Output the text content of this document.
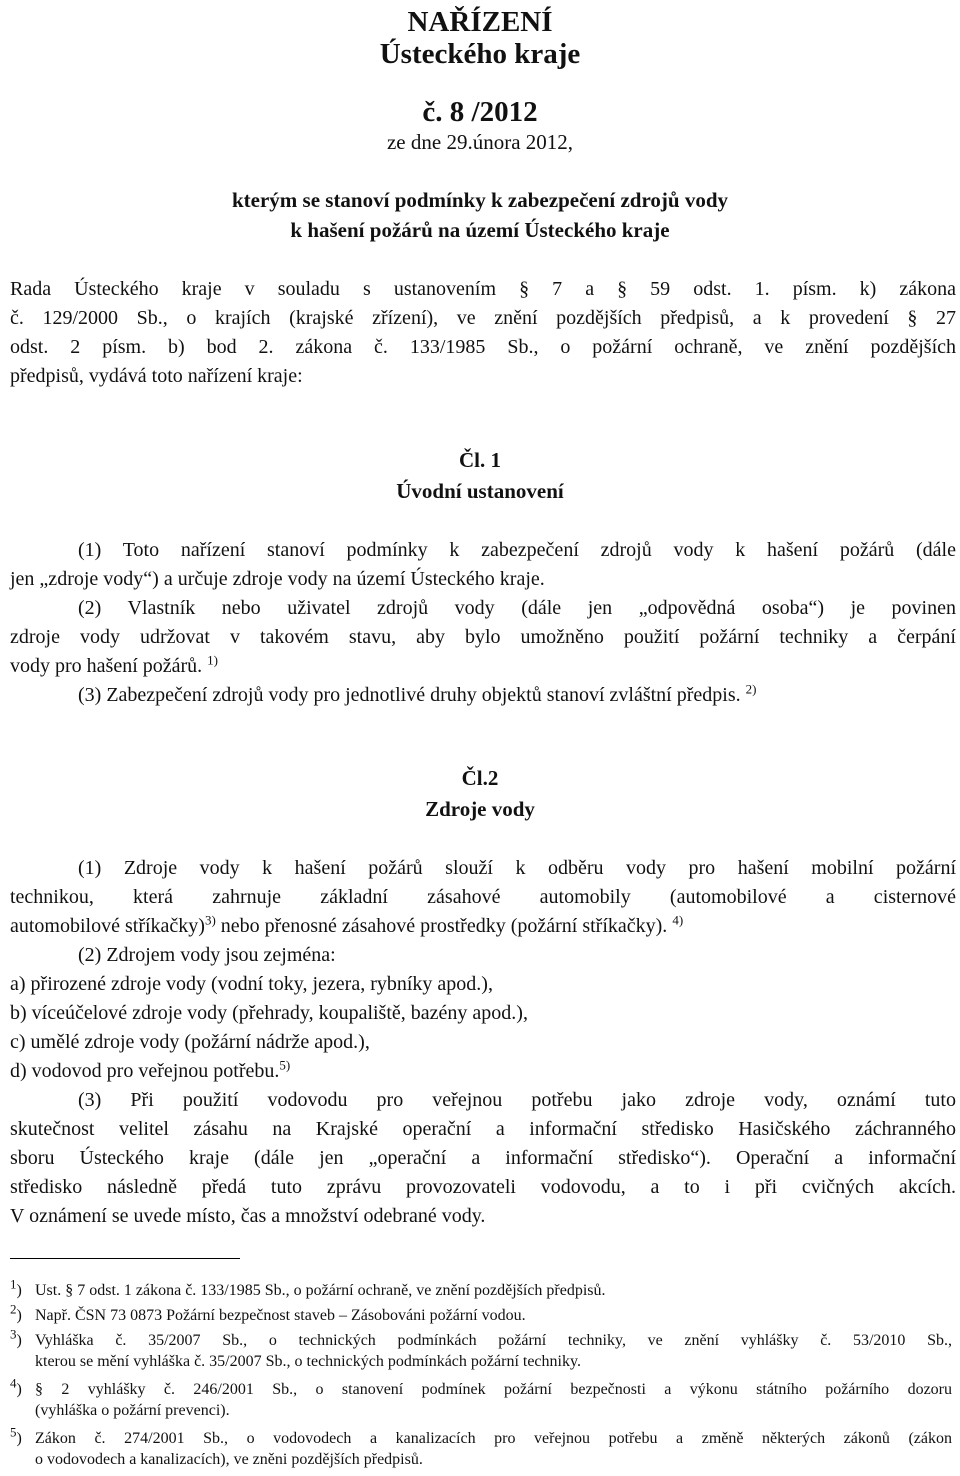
NAŘÍZENÍ
Ústeckého kraje
č. 8 /2012
ze dne 29.února 2012,
kterým se stanoví podmínky k zabezpečení zdrojů vody
k hašení požárů na území Ústeckého kraje
Rada Ústeckého kraje v souladu s ustanovením § 7 a § 59 odst. 1. písm. k) zákona
č. 129/2000 Sb., o krajích (krajské zřízení), ve znění pozdějších předpisů, a k provedení § 27
odst. 2 písm. b) bod 2. zákona č. 133/1985 Sb., o požární ochraně, ve znění pozdějších
předpisů, vydává toto nařízení kraje:
Čl. 1
Úvodní ustanovení
(1) Toto nařízení stanoví podmínky k zabezpečení zdrojů vody k hašení požárů (dále
jen „zdroje vody“) a určuje zdroje vody na území Ústeckého kraje.
(2) Vlastník nebo uživatel zdrojů vody (dále jen „odpovědná osoba“) je povinen
zdroje vody udržovat v takovém stavu, aby bylo umožněno použití požární techniky a čerpání
vody pro hašení požárů. $^{1)}$
(3) Zabezpečení zdrojů vody pro jednotlivé druhy objektů stanoví zvláštní předpis. $^{2)}$
Čl.2
Zdroje vody
(1) Zdroje vody k hašení požárů slouží k odběru vody pro hašení mobilní požární
technikou, která zahrnuje základní zásahové automobily (automobilové a cisternové
automobilové stříkačky)$^{3)}$ nebo přenosné zásahové prostředky (požární stříkačky). $^{4)}$
(2) Zdrojem vody jsou zejména:
a) přirozené zdroje vody (vodní toky, jezera, rybníky apod.),
b) víceúčelové zdroje vody (přehrady, koupaliště, bazény apod.),
c) umělé zdroje vody (požární nádrže apod.),
d) vodovod pro veřejnou potřebu.$^{5)}$
(3) Při použití vodovodu pro veřejnou potřebu jako zdroje vody, oznámí tuto
skutečnost velitel zásahu na Krajské operační a informační středisko Hasičského záchranného
sboru Ústeckého kraje (dále jen „operační a informační středisko“). Operační a informační
středisko následně předá tuto zprávu provozovateli vodovodu, a to i při cvičných akcích.
V oznámení se uvede místo, čas a množství odebrané vody.
$^1$) Ust. § 7 odst. 1 zákona č. 133/1985 Sb., o požární ochraně, ve znění pozdějších předpisů.
$^2$) Např. ČSN 73 0873 Požární bezpečnost staveb – Zásobováni požární vodou.
$^3$) Vyhláška č. 35/2007 Sb., o technických podmínkách požární techniky, ve znění vyhlášky č. 53/2010 Sb.,
kterou se mění vyhláška č. 35/2007 Sb., o technických podmínkách požární techniky.
$^4$) § 2 vyhlášky č. 246/2001 Sb., o stanovení podmínek požární bezpečnosti a výkonu státního požárního dozoru
(vyhláška o požární prevenci).
$^5$) Zákon č. 274/2001 Sb., o vodovodech a kanalizacích pro veřejnou potřebu a změně některých zákonů (zákon
o vodovodech a kanalizacích), ve zněni pozdějších předpisů.
